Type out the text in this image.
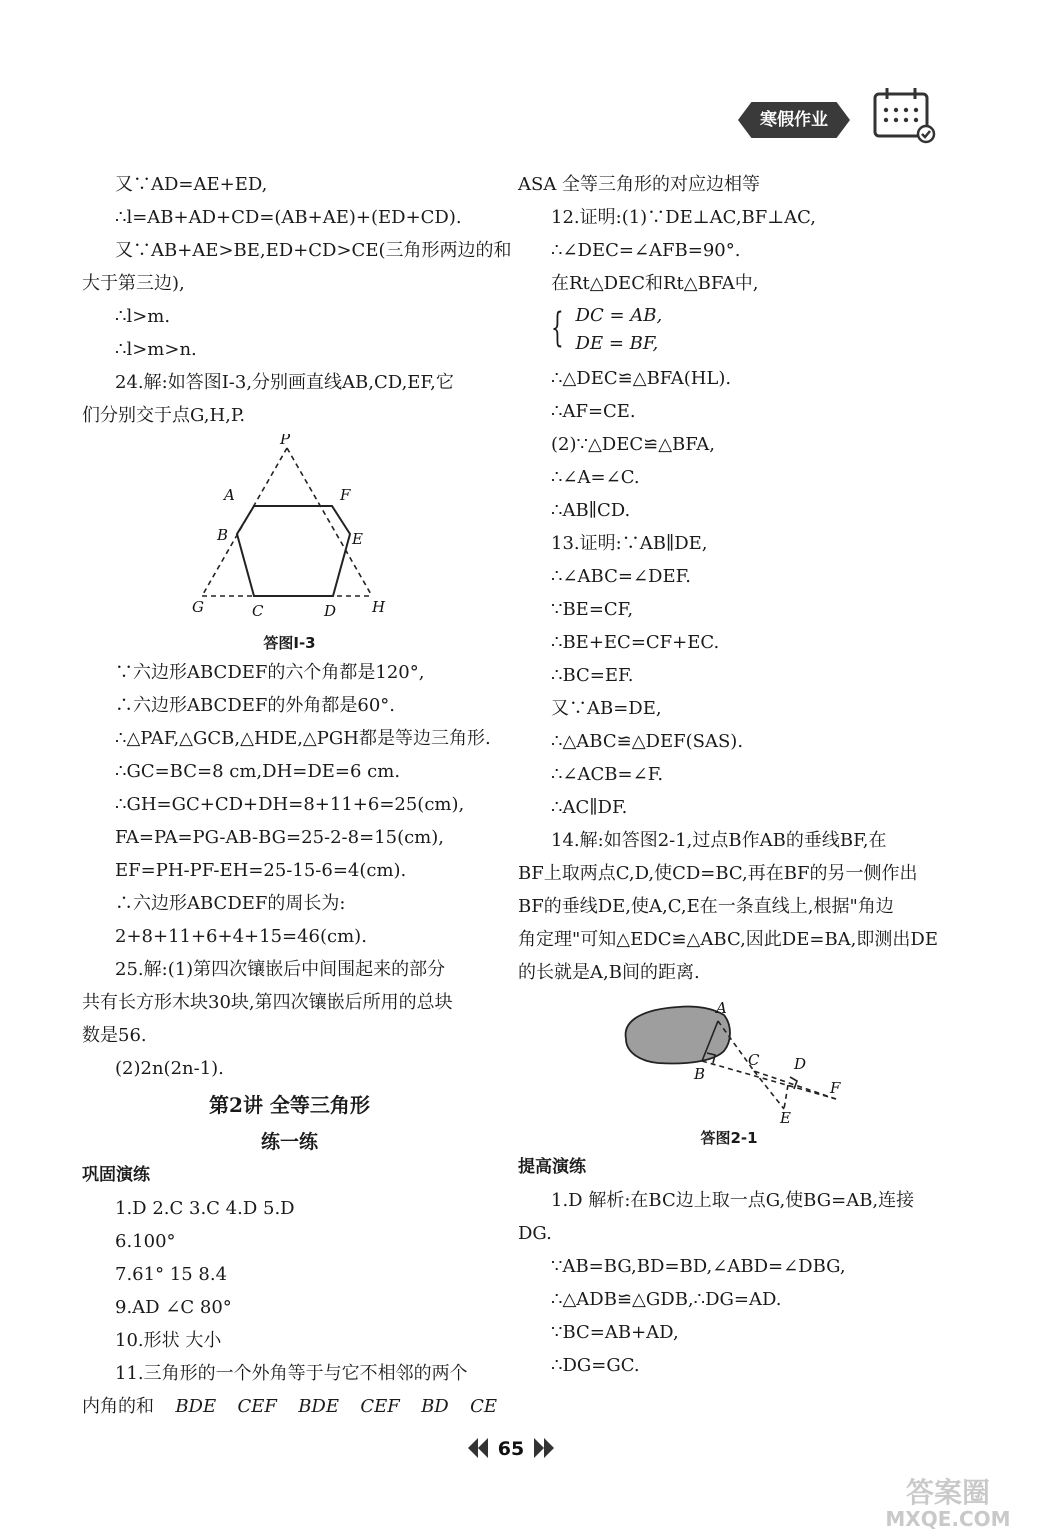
寒假作业
又∵AD=AE+ED,
∴l=AB+AD+CD=(AB+AE)+(ED+CD).
又∵AB+AE>BE,ED+CD>CE(三角形两边的和
大于第三边),
∴l>m.
∴l>m>n.
24.解:如答图Ⅰ-3,分别画直线AB,CD,EF,它
们分别交于点G,H,P.
P
A	F
B	E
G	C	D H
答图Ⅰ-3
∵六边形ABCDEF的六个角都是120°,
∴六边形ABCDEF的外角都是60°.
∴△PAF,△GCB,△HDE,△PGH都是等边三角形.
∴GC=BC=8 cm,DH=DE=6 cm.
∴GH=GC+CD+DH=8+11+6=25(cm),
FA=PA=PG-AB-BG=25-2-8=15(cm),
EF=PH-PF-EH=25-15-6=4(cm).
∴六边形ABCDEF的周长为:
2+8+11+6+4+15=46(cm).
25.解:(1)第四次镶嵌后中间围起来的部分
共有长方形木块30块,第四次镶嵌后所用的总块
数是56.
(2)2n(2n-1).
第2讲 全等三角形
练一练
巩固演练
1.D 2.C 3.C 4.D 5.D
6.100°
7.61° 15 8.4
9.AD ∠C 80°
10.形状 大小
11.三角形的一个外角等于与它不相邻的两个
内角的和 BDE CEF BDE CEF BD CE
ASA 全等三角形的对应边相等
12.证明:(1)∵DE⊥AC,BF⊥AC,
∴∠DEC=∠AFB=90°.
在Rt△DEC和Rt△BFA中,
{ DC = AB,
DE = BF,
∴△DEC≌△BFA(HL).
∴AF=CE.
(2)∵△DEC≌△BFA,
∴∠A=∠C.
∴AB∥CD.
13.证明:∵AB∥DE,
∴∠ABC=∠DEF.
∵BE=CF,
∴BE+EC=CF+EC.
∴BC=EF.
又∵AB=DE,
∴△ABC≌△DEF(SAS).
∴∠ACB=∠F.
∴AC∥DF.
14.解:如答图2-1,过点B作AB的垂线BF,在
BF上取两点C,D,使CD=BC,再在BF的另一侧作出
BF的垂线DE,使A,C,E在一条直线上,根据"角边
角定理"可知△EDC≌△ABC,因此DE=BA,即测出DE
的长就是A,B间的距离.
A
B
C D
F
E
答图2-1
提高演练
1.D 解析:在BC边上取一点G,使BG=AB,连接
DG.
∵AB=BG,BD=BD,∠ABD=∠DBG,
∴△ADB≌△GDB,∴DG=AD.
∵BC=AB+AD,
∴DG=GC.
65
答案圈
MXQE.COM
